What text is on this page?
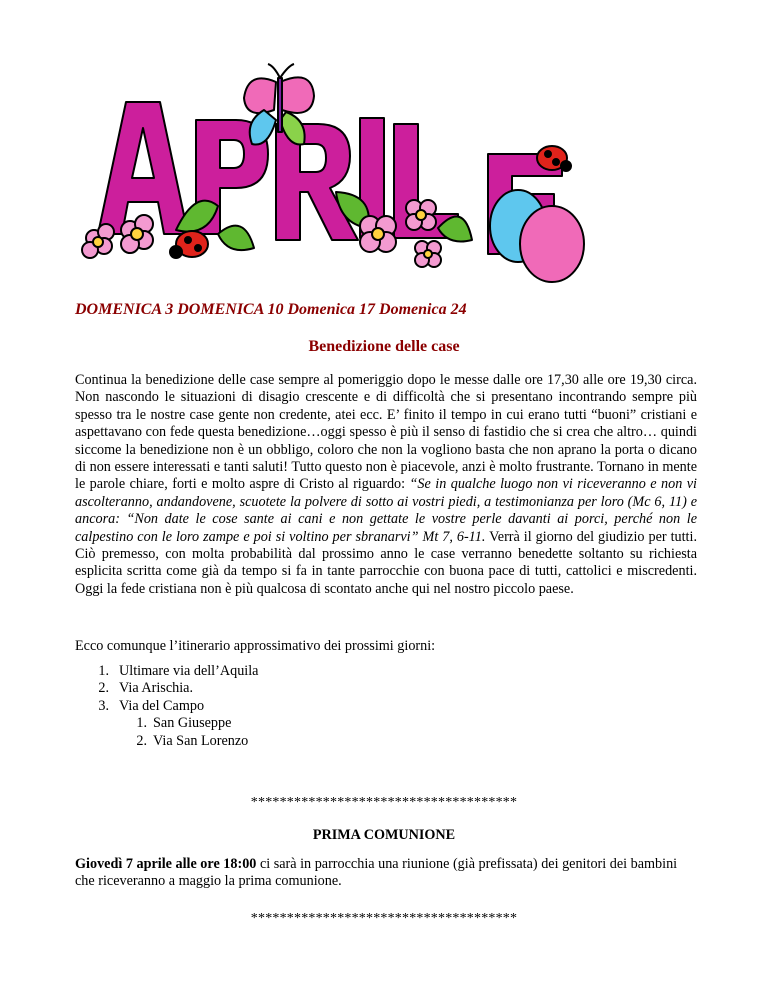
DOMENICA 3 DOMENICA 10 Domenica 17 Domenica 24
Benedizione delle case

Continua la benedizione delle case sempre al pomeriggio dopo le messe dalle ore 17,30 alle ore 19,30 circa. Non nascondo le situazioni di disagio crescente e di difficoltà che si presentano incontrando sempre più spesso tra le nostre case gente non credente, atei ecc. E’ finito il tempo in cui erano tutti “buoni” cristiani e aspettavano con fede questa benedizione…oggi spesso è più il senso di fastidio che si crea che altro… quindi siccome la benedizione non è un obbligo, coloro che non la vogliono basta che non aprano la porta o dicano di non essere interessati e tanti saluti! Tutto questo non è piacevole, anzi è molto frustrante. Tornano in mente le parole chiare, forti e molto aspre di Cristo al riguardo: “Se in qualche luogo non vi riceveranno e non vi ascolteranno, andandovene, scuotete la polvere di sotto ai vostri piedi, a testimonianza per loro (Mc 6, 11) e ancora: “Non date le cose sante ai cani e non gettate le vostre perle davanti ai porci, perché non le calpestino con le loro zampe e poi si voltino per sbranarvi” Mt 7, 6-11. Verrà il giorno del giudizio per tutti. Ciò premesso, con molta probabilità dal prossimo anno le case verranno benedette soltanto su richiesta esplicita scritta come già da tempo si fa in tante parrocchie con buona pace di tutti, cattolici e miscredenti. Oggi la fede cristiana non è più qualcosa di scontato anche qui nel nostro piccolo paese.

Ecco comunque l’itinerario approssimativo dei prossimi giorni:
1. Ultimare via dell’Aquila
2. Via Arischia.
3. Via del Campo
1. San Giuseppe
2. Via San Lorenzo
*************************************
PRIMA COMUNIONE

Giovedì 7 aprile alle ore 18:00 ci sarà in parrocchia una riunione (già prefissata) dei genitori dei bambini che riceveranno a maggio la prima comunione.

*************************************
